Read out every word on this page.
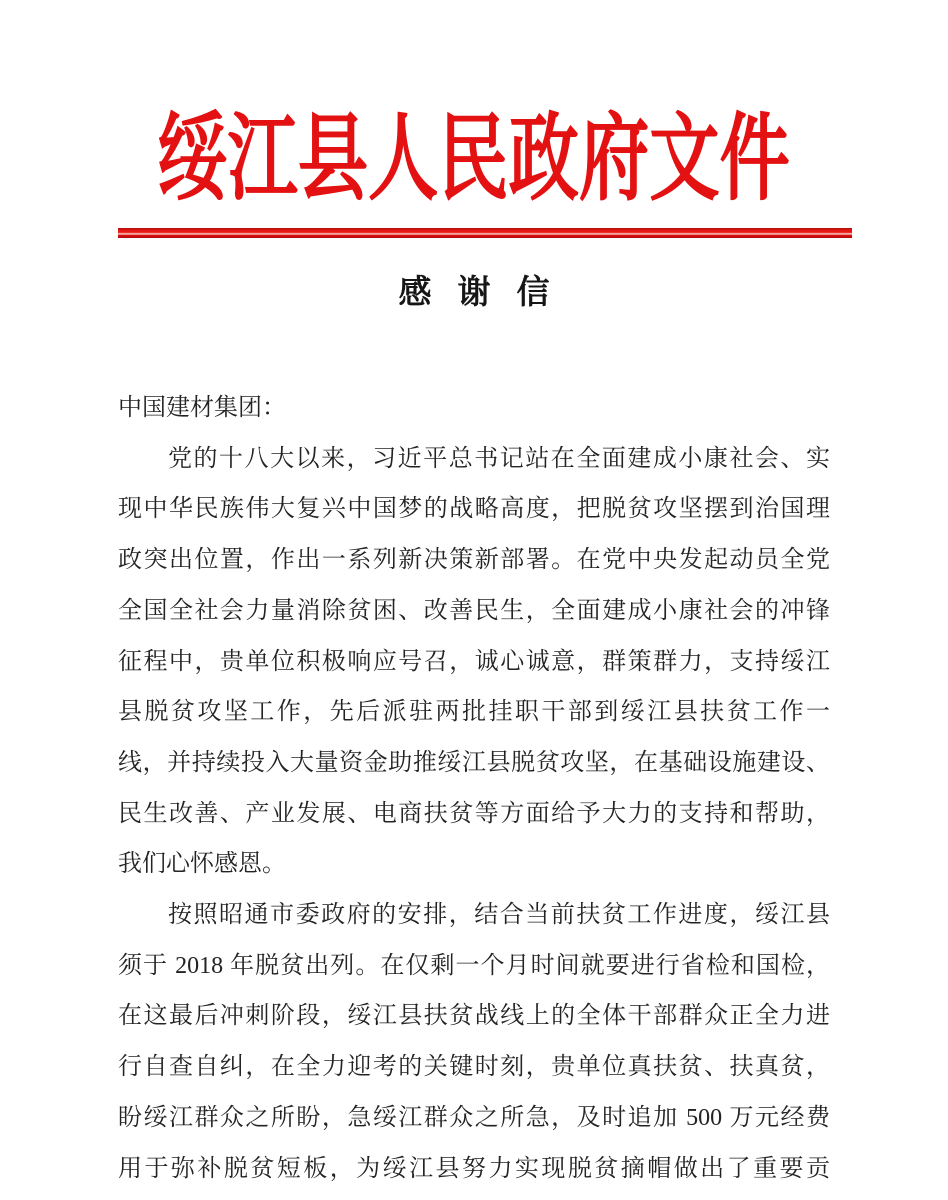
绥江县人民政府文件
感谢信
中国建材集团：
党的十八大以来，习近平总书记站在全面建成小康社会、实
现中华民族伟大复兴中国梦的战略高度，把脱贫攻坚摆到治国理
政突出位置，作出一系列新决策新部署。在党中央发起动员全党
全国全社会力量消除贫困、改善民生，全面建成小康社会的冲锋
征程中，贵单位积极响应号召，诚心诚意，群策群力，支持绥江
县脱贫攻坚工作，先后派驻两批挂职干部到绥江县扶贫工作一
线，并持续投入大量资金助推绥江县脱贫攻坚，在基础设施建设、
民生改善、产业发展、电商扶贫等方面给予大力的支持和帮助，
我们心怀感恩。
按照昭通市委政府的安排，结合当前扶贫工作进度，绥江县
须于 2018 年脱贫出列。在仅剩一个月时间就要进行省检和国检，
在这最后冲刺阶段，绥江县扶贫战线上的全体干部群众正全力进
行自查自纠，在全力迎考的关键时刻，贵单位真扶贫、扶真贫，
盼绥江群众之所盼，急绥江群众之所急，及时追加 500 万元经费
用于弥补脱贫短板，为绥江县努力实现脱贫摘帽做出了重要贡
